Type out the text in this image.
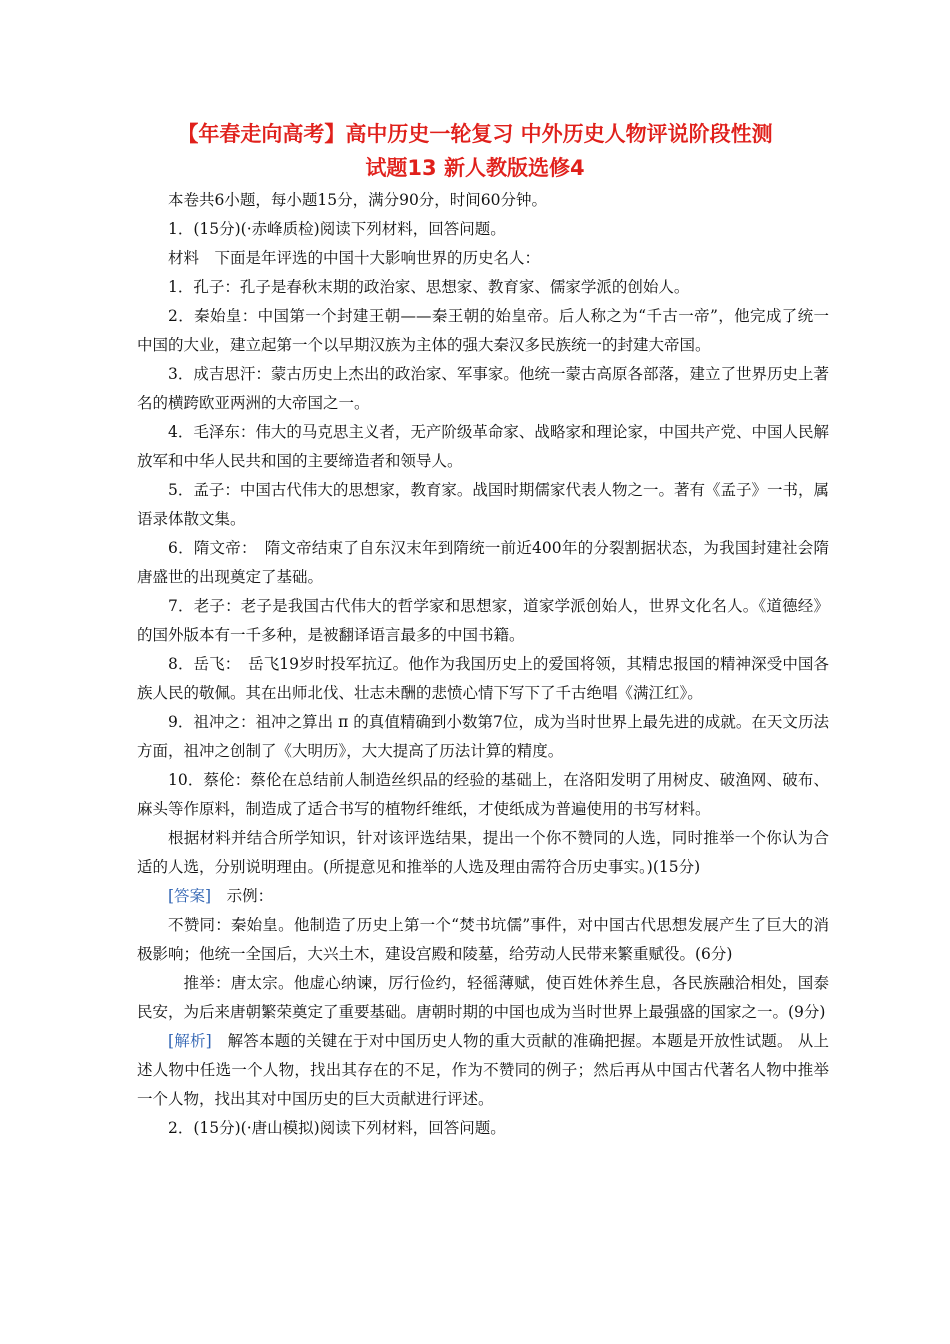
【年春走向高考】高中历史一轮复习 中外历史人物评说阶段性测
试题13 新人教版选修4

本卷共6小题，每小题15分，满分90分，时间60分钟。

1．(15分)(·赤峰质检)阅读下列材料，回答问题。

材料　下面是年评选的中国十大影响世界的历史名人：

1．孔子：孔子是春秋末期的政治家、思想家、教育家、儒家学派的创始人。

2．秦始皇：中国第一个封建王朝——秦王朝的始皇帝。后人称之为“千古一帝”，他完成了统一中国的大业，建立起第一个以早期汉族为主体的强大秦汉多民族统一的封建大帝国。

3．成吉思汗：蒙古历史上杰出的政治家、军事家。他统一蒙古高原各部落，建立了世界历史上著名的横跨欧亚两洲的大帝国之一。

4．毛泽东：伟大的马克思主义者，无产阶级革命家、战略家和理论家，中国共产党、中国人民解放军和中华人民共和国的主要缔造者和领导人。

5．孟子：中国古代伟大的思想家，教育家。战国时期儒家代表人物之一。著有《孟子》一书，属语录体散文集。

6．隋文帝：　隋文帝结束了自东汉末年到隋统一前近400年的分裂割据状态，为我国封建社会隋唐盛世的出现奠定了基础。

7．老子：老子是我国古代伟大的哲学家和思想家，道家学派创始人，世界文化名人。《道德经》的国外版本有一千多种，是被翻译语言最多的中国书籍。

8．岳飞：　岳飞19岁时投军抗辽。他作为我国历史上的爱国将领，其精忠报国的精神深受中国各族人民的敬佩。其在出师北伐、壮志未酬的悲愤心情下写下了千古绝唱《满江红》。

9．祖冲之：祖冲之算出 π 的真值精确到小数第7位，成为当时世界上最先进的成就。在天文历法方面，祖冲之创制了《大明历》，大大提高了历法计算的精度。

10．蔡伦：蔡伦在总结前人制造丝织品的经验的基础上，在洛阳发明了用树皮、破渔网、破布、麻头等作原料，制造成了适合书写的植物纤维纸，才使纸成为普遍使用的书写材料。

根据材料并结合所学知识，针对该评选结果，提出一个你不赞同的人选，同时推举一个你认为合适的人选，分别说明理由。(所提意见和推举的人选及理由需符合历史事实。)(15分)

[答案]　示例：

不赞同：秦始皇。他制造了历史上第一个“焚书坑儒”事件，对中国古代思想发展产生了巨大的消极影响；他统一全国后，大兴土木，建设宫殿和陵墓，给劳动人民带来繁重赋役。(6分)

推举：唐太宗。他虚心纳谏，厉行俭约，轻徭薄赋，使百姓休养生息，各民族融洽相处，国泰民安，为后来唐朝繁荣奠定了重要基础。唐朝时期的中国也成为当时世界上最强盛的国家之一。(9分)

[解析]　解答本题的关键在于对中国历史人物的重大贡献的准确把握。本题是开放性试题。 从上述人物中任选一个人物，找出其存在的不足，作为不赞同的例子；然后再从中国古代著名人物中推举一个人物，找出其对中国历史的巨大贡献进行评述。

2．(15分)(·唐山模拟)阅读下列材料，回答问题。
